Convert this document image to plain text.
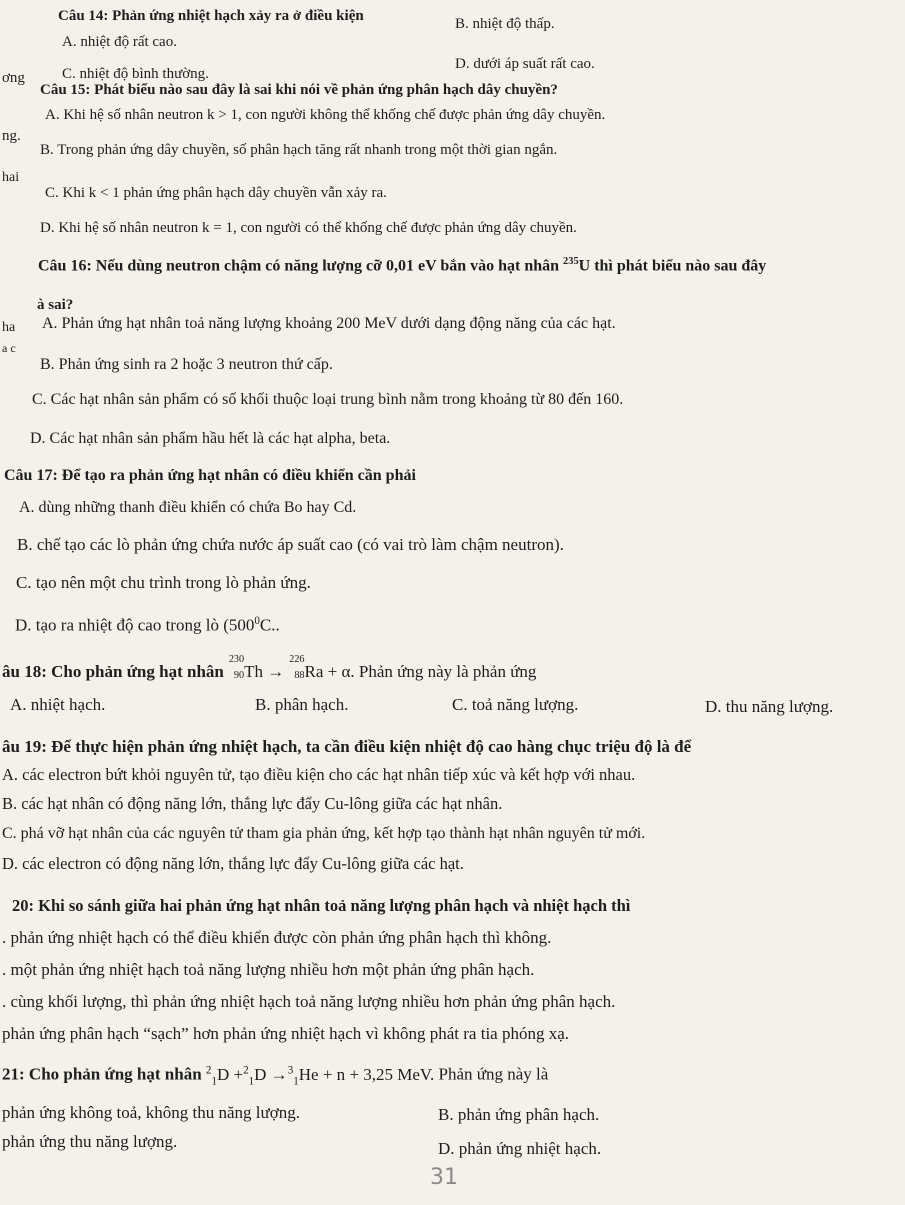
ơng
ng.
hai
ha
a c
Câu 14: Phản ứng nhiệt hạch xảy ra ở điều kiện
A. nhiệt độ rất cao.
B. nhiệt độ thấp.
C. nhiệt độ bình thường.
D. dưới áp suất rất cao.
Câu 15: Phát biểu nào sau đây là sai khi nói về phản ứng phân hạch dây chuyền?
A. Khi hệ số nhân neutron k > 1, con người không thể khống chế được phản ứng dây chuyền.
B. Trong phản ứng dây chuyền, số phân hạch tăng rất nhanh trong một thời gian ngắn.
C. Khi k < 1 phản ứng phân hạch dây chuyền vẫn xảy ra.
D. Khi hệ số nhân neutron k = 1, con người có thể khống chế được phản ứng dây chuyền.
Câu 16: Nếu dùng neutron chậm có năng lượng cỡ 0,01 eV bắn vào hạt nhân $^{235}$U thì phát biểu nào sau đây
à sai?
A. Phản ứng hạt nhân toả năng lượng khoảng 200 MeV dưới dạng động năng của các hạt.
B. Phản ứng sinh ra 2 hoặc 3 neutron thứ cấp.
C. Các hạt nhân sản phẩm có số khối thuộc loại trung bình nằm trong khoảng từ 80 đến 160.
D. Các hạt nhân sản phẩm hầu hết là các hạt alpha, beta.
Câu 17: Để tạo ra phản ứng hạt nhân có điều khiển cần phải
A. dùng những thanh điều khiển có chứa Bo hay Cd.
B. chế tạo các lò phản ứng chứa nước áp suất cao (có vai trò làm chậm neutron).
C. tạo nên một chu trình trong lò phản ứng.
D. tạo ra nhiệt độ cao trong lò ($500^0C$..
âu 18: Cho phản ứng hạt nhân
230
90 Th →
226
88 Ra + α. Phản ứng này là phản ứng
A. nhiệt hạch.	B. phân hạch.	C. toả năng lượng.	D. thu năng lượng.
âu 19: Để thực hiện phản ứng nhiệt hạch, ta cần điều kiện nhiệt độ cao hàng chục triệu độ là để
A. các electron bứt khỏi nguyên tử, tạo điều kiện cho các hạt nhân tiếp xúc và kết hợp với nhau.
B. các hạt nhân có động năng lớn, thắng lực đẩy Cu-lông giữa các hạt nhân.
C. phá vỡ hạt nhân của các nguyên tử tham gia phản ứng, kết hợp tạo thành hạt nhân nguyên tử mới.
D. các electron có động năng lớn, thắng lực đẩy Cu-lông giữa các hạt.
20: Khi so sánh giữa hai phản ứng hạt nhân toả năng lượng phân hạch và nhiệt hạch thì
. phản ứng nhiệt hạch có thể điều khiển được còn phản ứng phân hạch thì không.
. một phản ứng nhiệt hạch toả năng lượng nhiều hơn một phản ứng phân hạch.
. cùng khối lượng, thì phản ứng nhiệt hạch toả năng lượng nhiều hơn phản ứng phân hạch.
phản ứng phân hạch “sạch” hơn phản ứng nhiệt hạch vì không phát ra tia phóng xạ.
21: Cho phản ứng hạt nhân $^2_1$D +$^2_1$D →$^3_1$He + n + 3,25 MeV. Phản ứng này là
phản ứng không toả, không thu năng lượng.	B. phản ứng phân hạch.
phản ứng thu năng lượng.	D. phản ứng nhiệt hạch.
31
